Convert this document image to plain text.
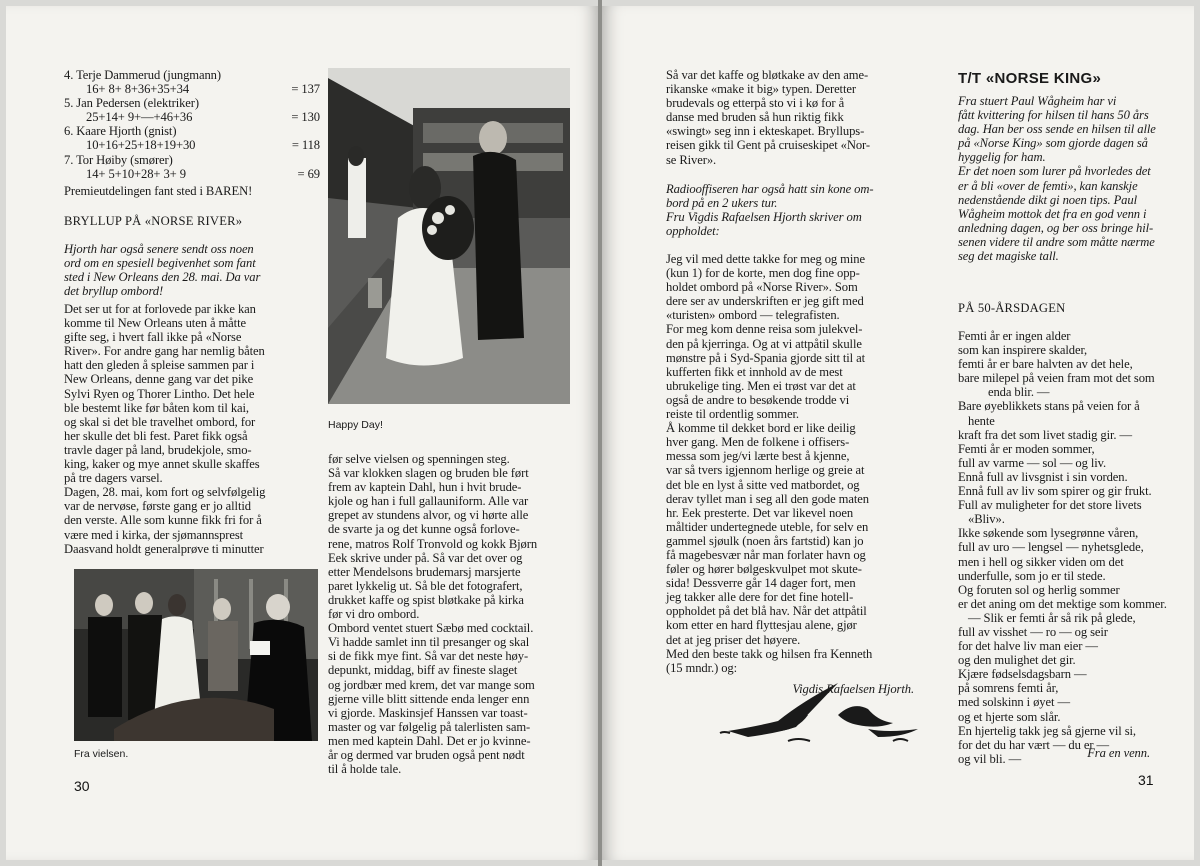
4. Terje Dammerud (jungmann)
16+ 8+ 8+36+35+34	= 137
5. Jan Pedersen (elektriker)
25+14+ 9+—+46+36	= 130
6. Kaare Hjorth (gnist)
10+16+25+18+19+30	= 118
7. Tor Høiby (smører)
14+ 5+10+28+ 3+ 9	= 69

Premieutdelingen fant sted i BAREN!

BRYLLUP PÅ «NORSE RIVER»

Hjorth har også senere sendt oss noen

ord om en spesiell begivenhet som fant

sted i New Orleans den 28. mai. Da var

det bryllup ombord!

Det ser ut for at forlovede par ikke kan

komme til New Orleans uten å måtte

gifte seg, i hvert fall ikke på «Norse

River». For andre gang har nemlig båten

hatt den gleden å spleise sammen par i

New Orleans, denne gang var det pike

Sylvi Ryen og Thorer Lintho. Det hele

ble bestemt like før båten kom til kai,

og skal si det ble travelhet ombord, for

her skulle det bli fest. Paret fikk også

travle dager på land, brudekjole, smo-

king, kaker og mye annet skulle skaffes

på tre dagers varsel.

Dagen, 28. mai, kom fort og selvfølgelig

var de nervøse, første gang er jo alltid

den verste. Alle som kunne fikk fri for å

være med i kirka, der sjømannsprest

Daasvand holdt generalprøve ti minutter

Happy Day!

før selve vielsen og spenningen steg.

Så var klokken slagen og bruden ble ført

frem av kaptein Dahl, hun i hvit brude-

kjole og han i full gallauniform. Alle var

grepet av stundens alvor, og vi hørte alle

de svarte ja og det kunne også forlove-

rene, matros Rolf Tronvold og kokk Bjørn

Eek skrive under på. Så var det over og

etter Mendelsons brudemarsj marsjerte

paret lykkelig ut. Så ble det fotografert,

drukket kaffe og spist bløtkake på kirka

før vi dro ombord.

Ombord ventet stuert Sæbø med cocktail.

Vi hadde samlet inn til presanger og skal

si de fikk mye fint. Så var det neste høy-

depunkt, middag, biff av fineste slaget

og jordbær med krem, det var mange som

gjerne ville blitt sittende enda lenger enn

vi gjorde. Maskinsjef Hanssen var toast-

master og var følgelig på talerlisten sam-

men med kaptein Dahl. Det er jo kvinne-

år og dermed var bruden også pent nødt

til å holde tale.

Fra vielsen.
30

Så var det kaffe og bløtkake av den ame-

rikanske «make it big» typen. Deretter

brudevals og etterpå sto vi i kø for å

danse med bruden så hun riktig fikk

«swingt» seg inn i ekteskapet. Bryllups-

reisen gikk til Gent på cruiseskipet «Nor-

se River».

Radiooffiseren har også hatt sin kone om-

bord på en 2 ukers tur.

Fru Vigdis Rafaelsen Hjorth skriver om

oppholdet:

Jeg vil med dette takke for meg og mine

(kun 1) for de korte, men dog fine opp-

holdet ombord på «Norse River». Som

dere ser av underskriften er jeg gift med

«turisten» ombord — telegrafisten.

For meg kom denne reisa som julekvel-

den på kjerringa. Og at vi attpåtil skulle

mønstre på i Syd-Spania gjorde sitt til at

kufferten fikk et innhold av de mest

ubrukelige ting. Men ei trøst var det at

også de andre to besøkende trodde vi

reiste til ordentlig sommer.

Å komme til dekket bord er like deilig

hver gang. Men de folkene i offisers-

messa som jeg/vi lærte best å kjenne,

var så tvers igjennom herlige og greie at

det ble en lyst å sitte ved matbordet, og

derav tyllet man i seg all den gode maten

hr. Eek presterte. Det var likevel noen

måltider undertegnede uteble, for selv en

gammel sjøulk (noen års fartstid) kan jo

få magebesvær når man forlater havn og

føler og hører bølgeskvulpet mot skute-

sida! Dessverre går 14 dager fort, men

jeg takker alle dere for det fine hotell-

oppholdet på det blå hav. Når det attpåtil

kom etter en hard flyttesjau alene, gjør

det at jeg priser det høyere.

Med den beste takk og hilsen fra Kenneth

(15 mndr.) og:

Vigdis Rafaelsen Hjorth.

T/T «NORSE KING»

Fra stuert Paul Wågheim har vi

fått kvittering for hilsen til hans 50 års

dag. Han ber oss sende en hilsen til alle

på «Norse King» som gjorde dagen så

hyggelig for ham.

Er det noen som lurer på hvorledes det

er å bli «over de femti», kan kanskje

nedenstående dikt gi noen tips. Paul

Wågheim mottok det fra en god venn i

anledning dagen, og ber oss bringe hil-

senen videre til andre som måtte nærme

seg det magiske tall.

PÅ 50-ÅRSDAGEN

Femti år er ingen alder

som kan inspirere skalder,

femti år er bare halvten av det hele,

bare milepel på veien fram mot det som

enda blir. —

Bare øyeblikkets stans på veien for å

hente

kraft fra det som livet stadig gir. —

Femti år er moden sommer,

full av varme — sol — og liv.

Ennå full av livsgnist i sin vorden.

Ennå full av liv som spirer og gir frukt.

Full av muligheter for det store livets

«Bliv».

Ikke søkende som lysegrønne våren,

full av uro — lengsel — nyhetsglede,

men i hell og sikker viden om det

underfulle, som jo er til stede.

Og foruten sol og herlig sommer

er det aning om det mektige som kommer.

— Slik er femti år så rik på glede,

full av visshet — ro — og seir

for det halve liv man eier —

og den mulighet det gir.

Kjære fødselsdagsbarn —

på somrens femti år,

med solskinn i øyet —

og et hjerte som slår.

En hjertelig takk jeg så gjerne vil si,

for det du har vært — du er —

og vil bli. —	Fra en venn.

31
